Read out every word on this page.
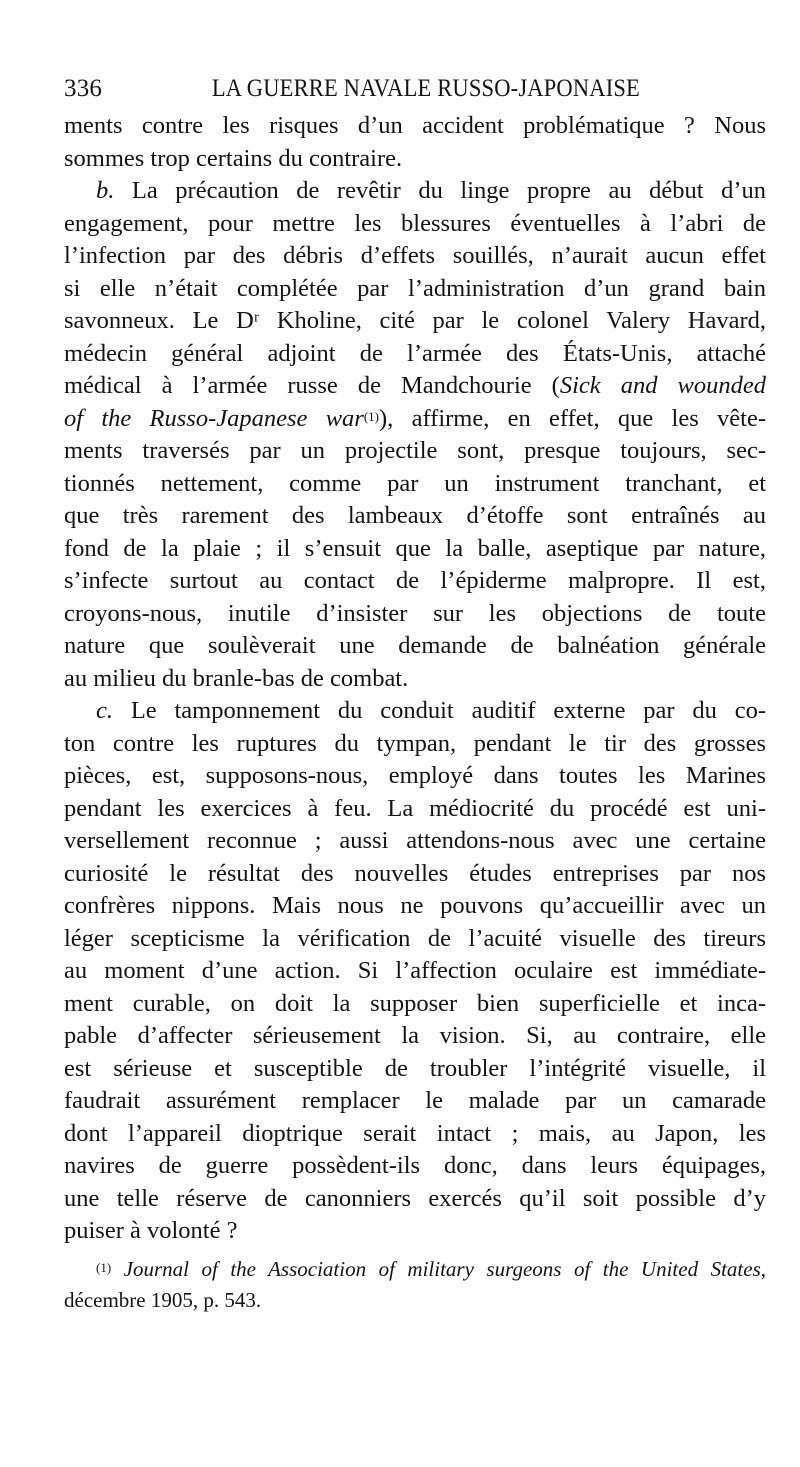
336	LA GUERRE NAVALE RUSSO-JAPONAISE
ments contre les risques d’un accident problématique ? Nous
sommes trop certains du contraire.
b. La précaution de revêtir du linge propre au début d’un
engagement, pour mettre les blessures éventuelles à l’abri de
l’infection par des débris d’effets souillés, n’aurait aucun effet
si elle n’était complétée par l’administration d’un grand bain
savonneux. Le Dʳ Kholine, cité par le colonel Valery Havard,
médecin général adjoint de l’armée des États-Unis, attaché
médical à l’armée russe de Mandchourie (Sick and wounded
of the Russo-Japanese war$^{(1)}$), affirme, en effet, que les vête-
ments traversés par un projectile sont, presque toujours, sec-
tionnés nettement, comme par un instrument tranchant, et
que très rarement des lambeaux d’étoffe sont entraînés au
fond de la plaie ; il s’ensuit que la balle, aseptique par nature,
s’infecte surtout au contact de l’épiderme malpropre. Il est,
croyons-nous, inutile d’insister sur les objections de toute
nature que soulèverait une demande de balnéation générale
au milieu du branle-bas de combat.
c. Le tamponnement du conduit auditif externe par du co-
ton contre les ruptures du tympan, pendant le tir des grosses
pièces, est, supposons-nous, employé dans toutes les Marines
pendant les exercices à feu. La médiocrité du procédé est uni-
versellement reconnue ; aussi attendons-nous avec une certaine
curiosité le résultat des nouvelles études entreprises par nos
confrères nippons. Mais nous ne pouvons qu’accueillir avec un
léger scepticisme la vérification de l’acuité visuelle des tireurs
au moment d’une action. Si l’affection oculaire est immédiate-
ment curable, on doit la supposer bien superficielle et inca-
pable d’affecter sérieusement la vision. Si, au contraire, elle
est sérieuse et susceptible de troubler l’intégrité visuelle, il
faudrait assurément remplacer le malade par un camarade
dont l’appareil dioptrique serait intact ; mais, au Japon, les
navires de guerre possèdent-ils donc, dans leurs équipages,
une telle réserve de canonniers exercés qu’il soit possible d’y
puiser à volonté ?
$^{(1)}$ Journal of the Association of military surgeons of the United States,
décembre 1905, p. 543.
